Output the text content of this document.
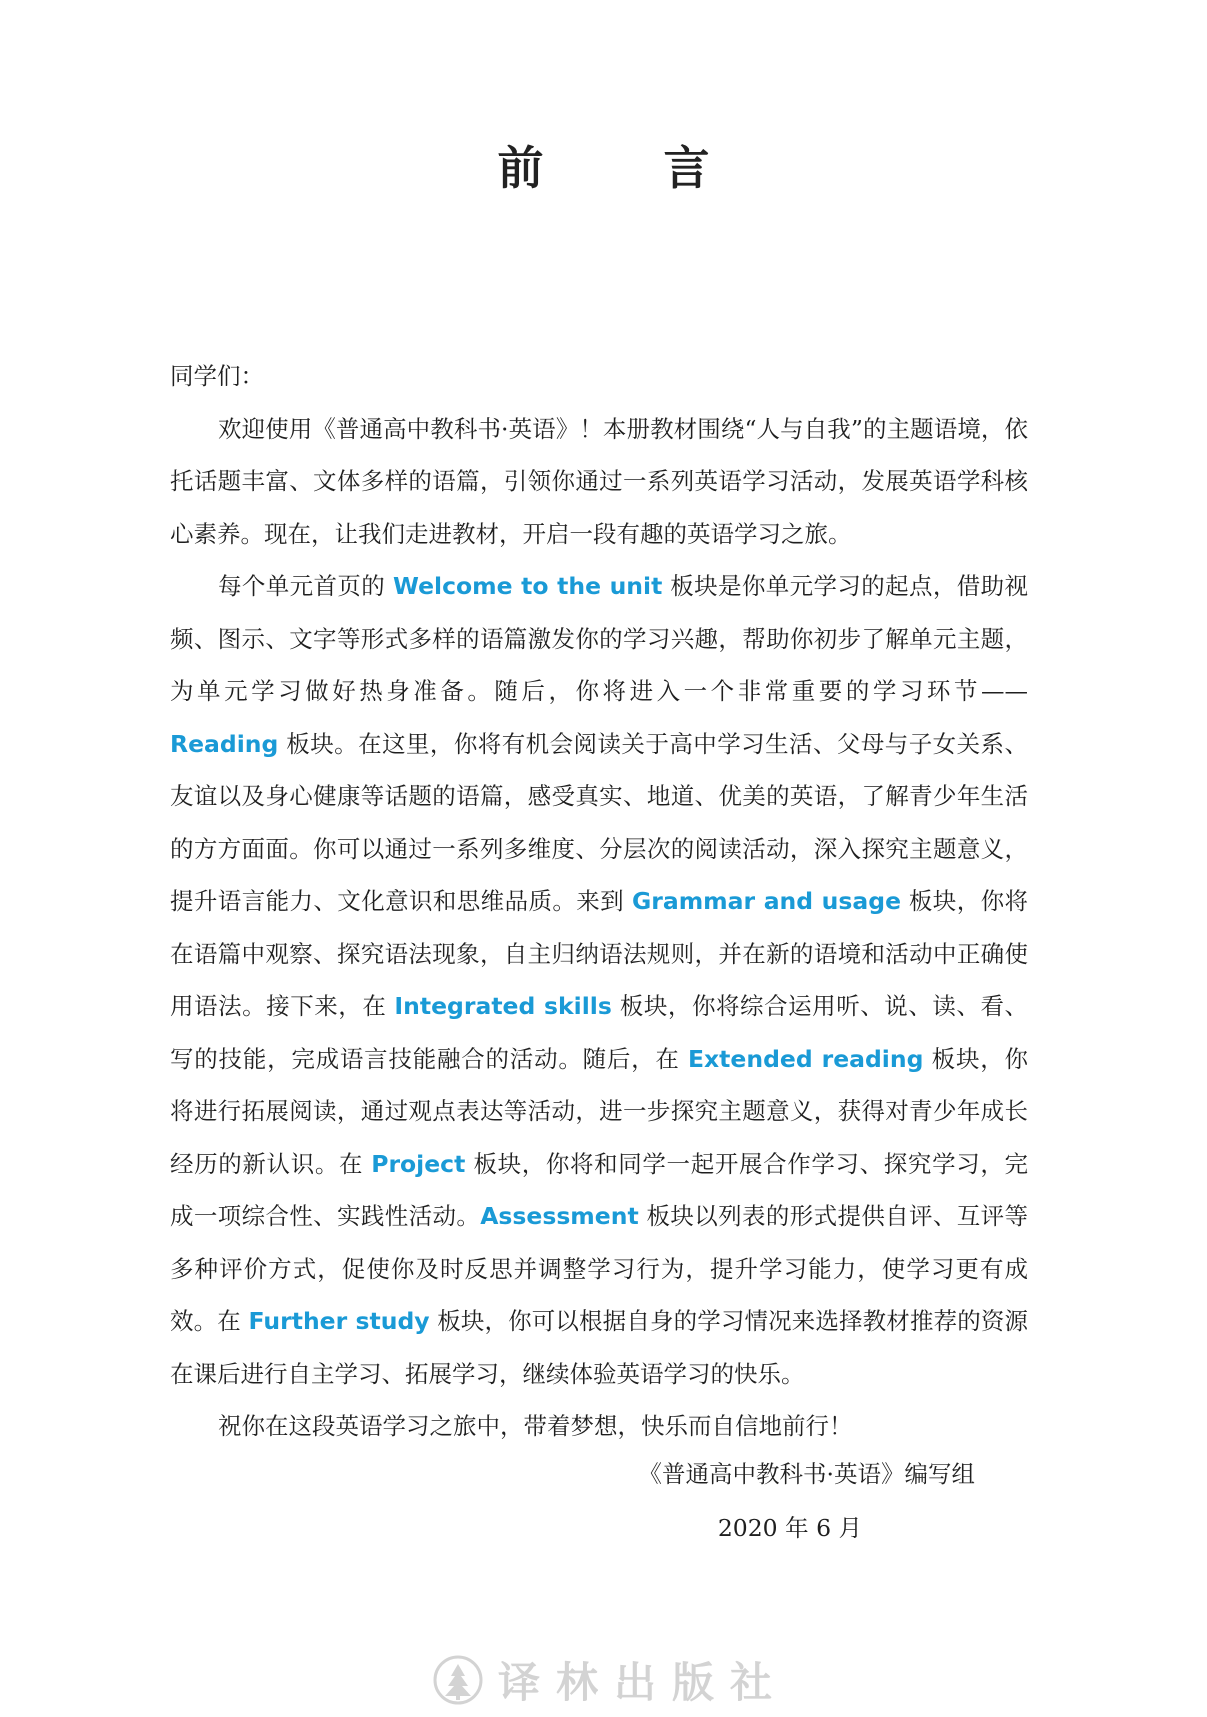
前 言

同学们：

欢迎使用《普通高中教科书·英语》！本册教材围绕“人与自我”的主题语境，依托话题丰富、文体多样的语篇，引领你通过一系列英语学习活动，发展英语学科核心素养。现在，让我们走进教材，开启一段有趣的英语学习之旅。

每个单元首页的 Welcome to the unit 板块是你单元学习的起点，借助视频、图示、文字等形式多样的语篇激发你的学习兴趣，帮助你初步了解单元主题，为单元学习做好热身准备。随后，你将进入一个非常重要的学习环节—— Reading 板块。在这里，你将有机会阅读关于高中学习生活、父母与子女关系、友谊以及身心健康等话题的语篇，感受真实、地道、优美的英语，了解青少年生活的方方面面。你可以通过一系列多维度、分层次的阅读活动，深入探究主题意义，提升语言能力、文化意识和思维品质。来到 Grammar and usage 板块，你将在语篇中观察、探究语法现象，自主归纳语法规则，并在新的语境和活动中正确使用语法。接下来，在 Integrated skills 板块，你将综合运用听、说、读、看、写的技能，完成语言技能融合的活动。随后，在 Extended reading 板块，你将进行拓展阅读，通过观点表达等活动，进一步探究主题意义，获得对青少年成长经历的新认识。在 Project 板块，你将和同学一起开展合作学习、探究学习，完成一项综合性、实践性活动。Assessment 板块以列表的形式提供自评、互评等多种评价方式，促使你及时反思并调整学习行为，提升学习能力，使学习更有成效。在 Further study 板块，你可以根据自身的学习情况来选择教材推荐的资源在课后进行自主学习、拓展学习，继续体验英语学习的快乐。

祝你在这段英语学习之旅中，带着梦想，快乐而自信地前行！

《普通高中教科书·英语》编写组
2020 年 6 月
译林出版社
